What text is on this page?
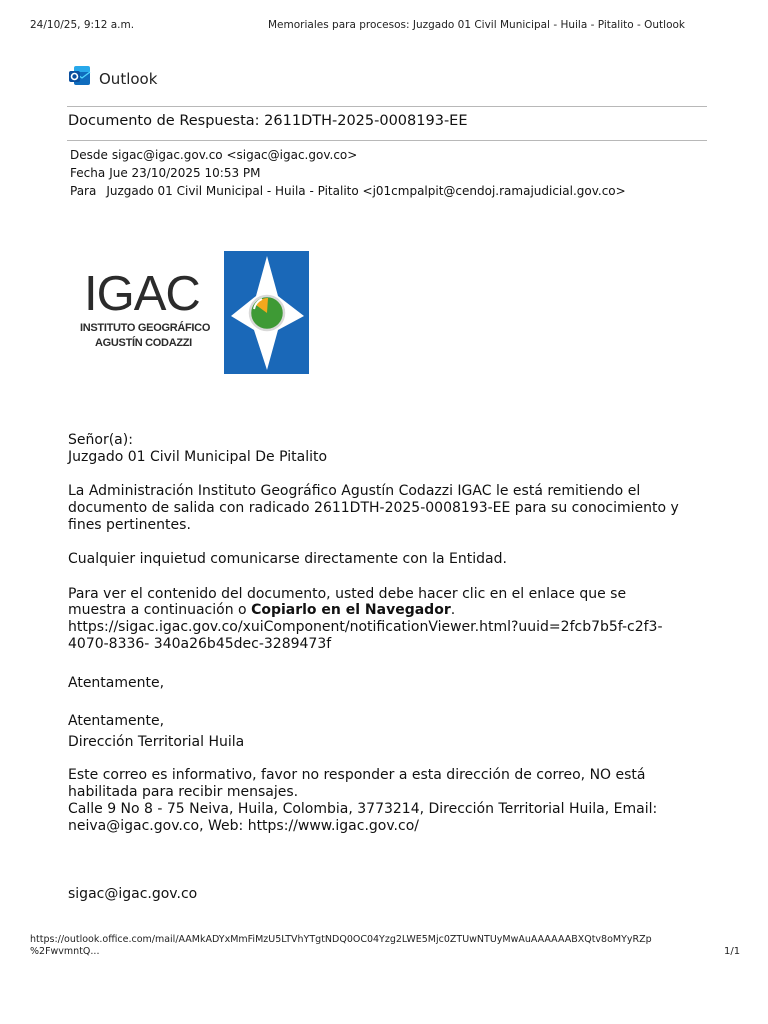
24/10/25, 9:12 a.m.	Memoriales para procesos: Juzgado 01 Civil Municipal - Huila - Pitalito - Outlook
Outlook
Documento de Respuesta: 2611DTH-2025-0008193-EE
Desde sigac@igac.gov.co <sigac@igac.gov.co>
Fecha Jue 23/10/2025 10:53 PM
Para Juzgado 01 Civil Municipal - Huila - Pitalito <j01cmpalpit@cendoj.ramajudicial.gov.co>
IGAC
INSTITUTO GEOGRÁFICO
AGUSTÍN CODAZZI
Señor(a):
Juzgado 01 Civil Municipal De Pitalito
La Administración Instituto Geográfico Agustín Codazzi IGAC le está remitiendo el
documento de salida con radicado 2611DTH-2025-0008193-EE para su conocimiento y
fines pertinentes.
Cualquier inquietud comunicarse directamente con la Entidad.
Para ver el contenido del documento, usted debe hacer clic en el enlace que se
muestra a continuación o Copiarlo en el Navegador.
https://sigac.igac.gov.co/xuiComponent/notificationViewer.html?uuid=2fcb7b5f-c2f3-
4070-8336- 340a26b45dec-3289473f
Atentamente,
Atentamente,
Dirección Territorial Huila
Este correo es informativo, favor no responder a esta dirección de correo, NO está
habilitada para recibir mensajes.
Calle 9 No 8 - 75 Neiva, Huila, Colombia, 3773214, Dirección Territorial Huila, Email:
neiva@igac.gov.co, Web: https://www.igac.gov.co/
sigac@igac.gov.co
https://outlook.office.com/mail/AAMkADYxMmFiMzU5LTVhYTgtNDQ0OC04Yzg2LWE5Mjc0ZTUwNTUyMwAuAAAAAABXQtv8oMYyRZp
%2FwvmntQ...	1/1
